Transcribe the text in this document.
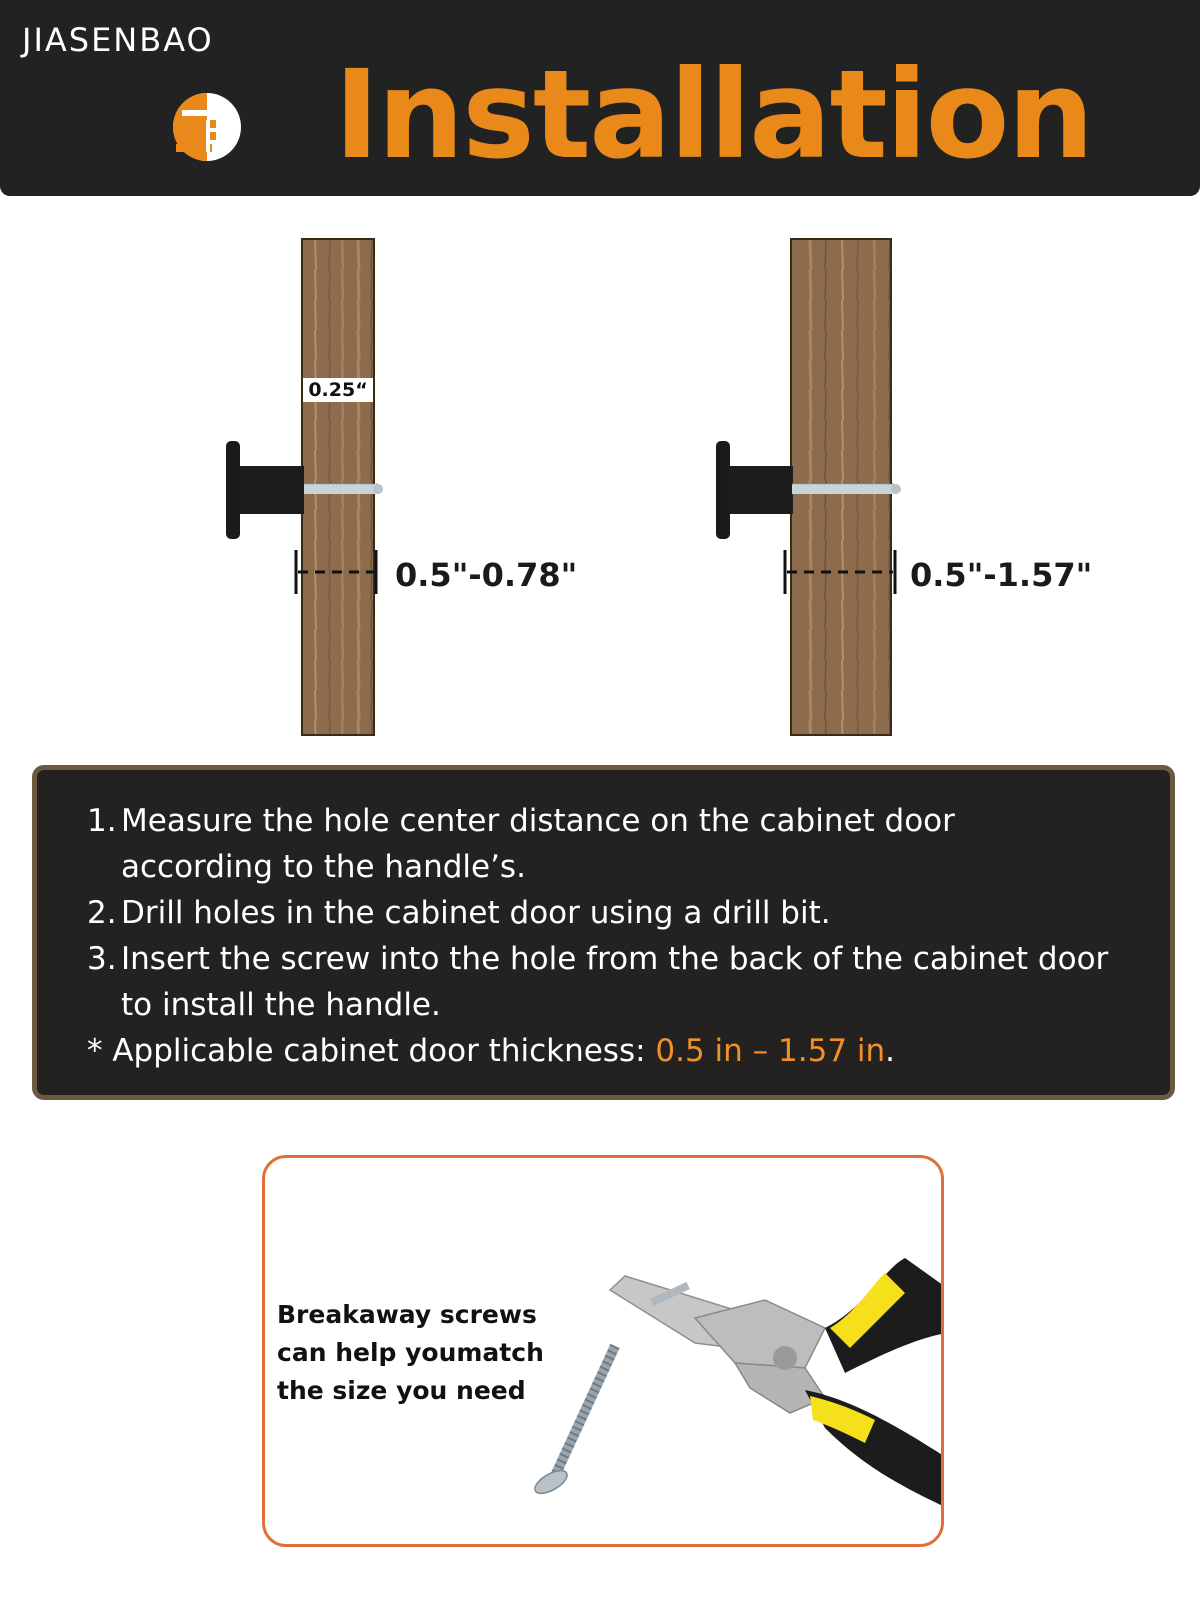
JIASENBAO
Installation
0.25“
0.5"-0.78"	0.5"-1.57"
1. Measure the hole center distance on the cabinet door
according to the handle’s.
2. Drill holes in the cabinet door using a drill bit.
3. Insert the screw into the hole from the back of the cabinet door
to install the handle.
* Applicable cabinet door thickness: 0.5 in – 1.57 in.
Breakaway screws
can help youmatch
the size you need
